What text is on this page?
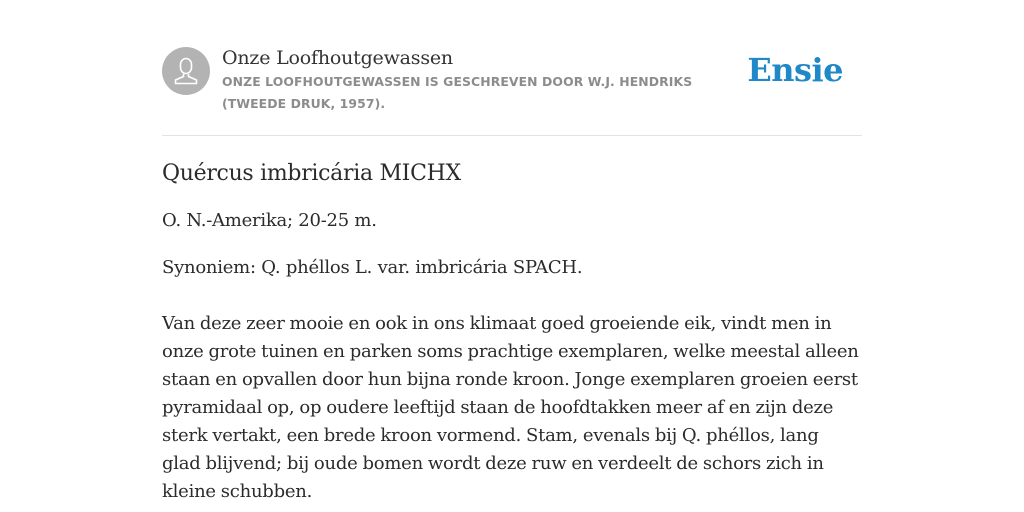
Onze Loofhoutgewassen
ONZE LOOFHOUTGEWASSEN IS GESCHREVEN DOOR W.J. HENDRIKS (TWEEDE DRUK, 1957).
Ensie
Quércus imbricária MICHX

O. N.-Amerika; 20-25 m.

Synoniem: Q. phéllos L. var. imbricária SPACH.

Van deze zeer mooie en ook in ons klimaat goed groeiende eik, vindt men in onze grote tuinen en parken soms prachtige exemplaren, welke meestal alleen staan en opvallen door hun bijna ronde kroon. Jonge exemplaren groeien eerst pyramidaal op, op oudere leeftijd staan de hoofdtakken meer af en zijn deze sterk vertakt, een brede kroon vormend. Stam, evenals bij Q. phéllos, lang glad blijvend; bij oude bomen wordt deze ruw en verdeelt de schors zich in kleine schubben.
